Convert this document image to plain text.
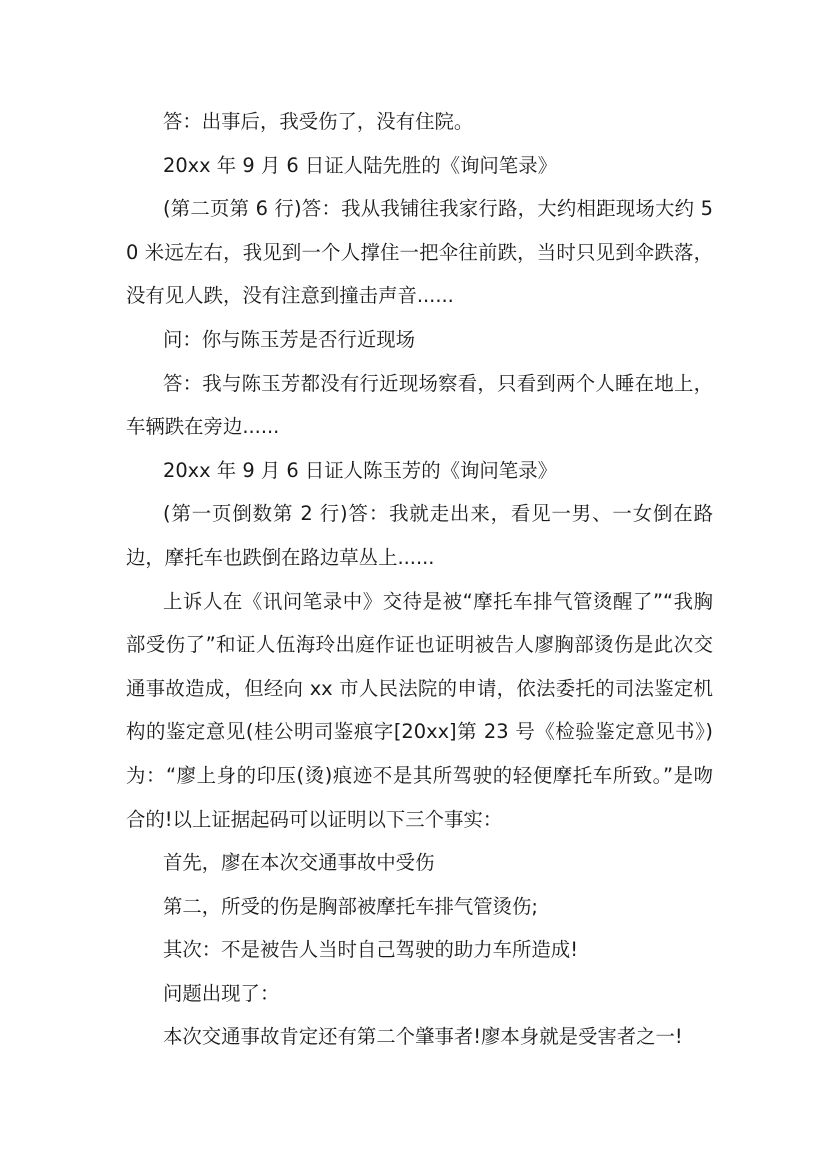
答：出事后，我受伤了，没有住院。

20xx 年 9 月 6 日证人陆先胜的《询问笔录》

(第二页第 6 行)答：我从我铺往我家行路，大约相距现场大约 50 米远左右，我见到一个人撑住一把伞往前跌，当时只见到伞跌落，没有见人跌，没有注意到撞击声音......

问：你与陈玉芳是否行近现场

答：我与陈玉芳都没有行近现场察看，只看到两个人睡在地上，车辆跌在旁边......

20xx 年 9 月 6 日证人陈玉芳的《询问笔录》

(第一页倒数第 2 行)答：我就走出来，看见一男、一女倒在路边，摩托车也跌倒在路边草丛上......

上诉人在《讯问笔录中》交待是被“摩托车排气管烫醒了”“我胸部受伤了”和证人伍海玲出庭作证也证明被告人廖胸部烫伤是此次交通事故造成，但经向 xx 市人民法院的申请，依法委托的司法鉴定机构的鉴定意见(桂公明司鉴痕字[20xx]第 23 号《检验鉴定意见书》)为：“廖上身的印压(烫)痕迹不是其所驾驶的轻便摩托车所致。”是吻合的!以上证据起码可以证明以下三个事实：

首先，廖在本次交通事故中受伤

第二，所受的伤是胸部被摩托车排气管烫伤;

其次：不是被告人当时自己驾驶的助力车所造成!

问题出现了：

本次交通事故肯定还有第二个肇事者!廖本身就是受害者之一!
